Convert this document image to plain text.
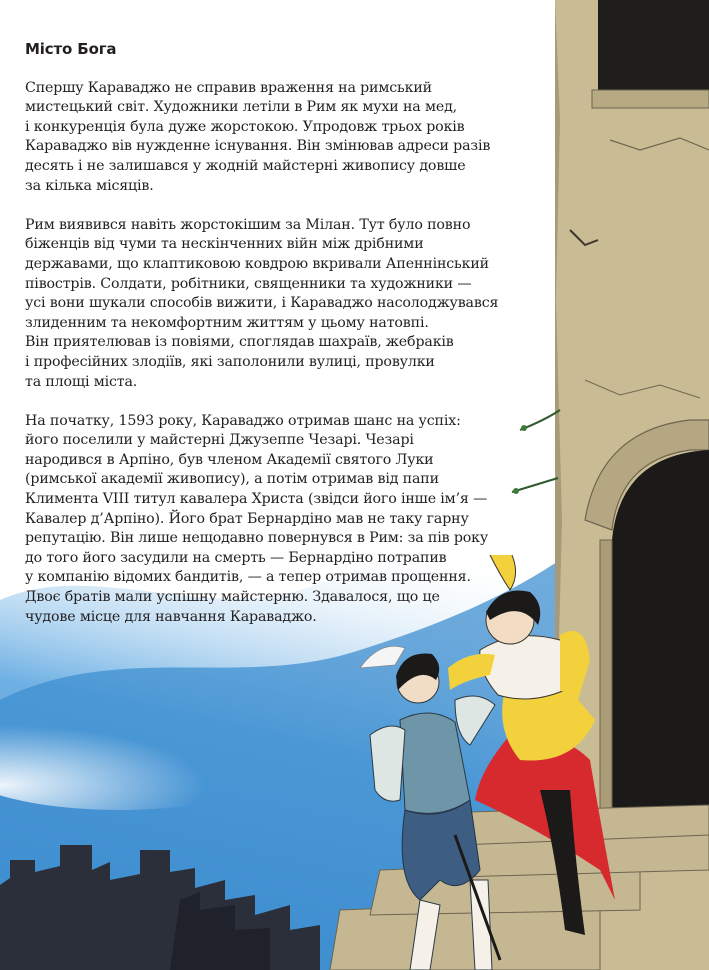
Місто Бога

Спершу Караваджо не справив враження на римський
мистецький світ. Художники летіли в Рим як мухи на мед,
і конкуренція була дуже жорстокою. Упродовж трьох років
Караваджо вів нужденне існування. Він змінював адреси разів
десять і не залишався у жодній майстерні живопису довше
за кілька місяців.

Рим виявився навіть жорстокішим за Мілан. Тут було повно
біженців від чуми та нескінченних війн між дрібними
державами, що клаптиковою ковдрою вкривали Апеннінський
півострів. Солдати, робітники, священники та художники —
усі вони шукали способів вижити, і Караваджо насолоджувався
злиденним та некомфортним життям у цьому натовпі.
Він приятелював із повіями, споглядав шахраїв, жебраків
і професійних злодіїв, які заполонили вулиці, провулки
та площі міста.

На початку, 1593 року, Караваджо отримав шанс на успіх:
його поселили у майстерні Джузеппе Чезарі. Чезарі
народився в Арпіно, був членом Академії святого Луки
(римської академії живопису), а потім отримав від папи
Климента VIII титул кавалера Христа (звідси його інше ім’я —
Кавалер д’Арпіно). Його брат Бернардіно мав не таку гарну
репутацію. Він лише нещодавно повернувся в Рим: за пів року
до того його засудили на смерть — Бернардіно потрапив
у компанію відомих бандитів, — а тепер отримав прощення.
Двоє братів мали успішну майстерню. Здавалося, що це
чудове місце для навчання Караваджо.
